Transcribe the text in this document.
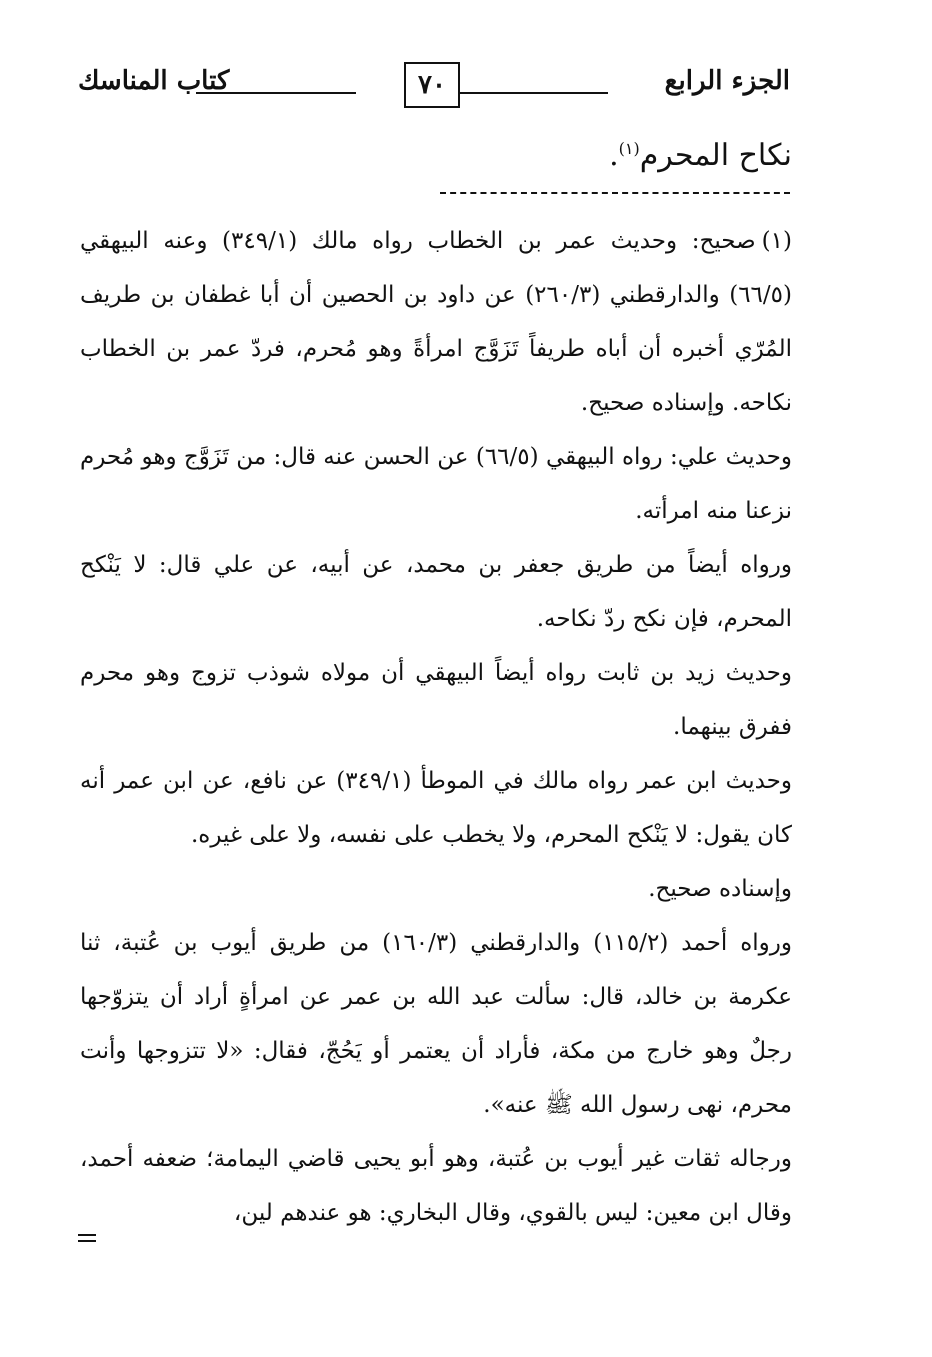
الجزء الرابع
٧٠
كتاب المناسك
نكاح المحرم$^{(١)}$.

(١)صحيح: وحديث عمر بن الخطاب رواه مالك (٣٤٩/١) وعنه البيهقي (٦٦/٥) والدارقطني (٢٦٠/٣) عن داود بن الحصين أن أبا غطفان بن طريف المُرّي أخبره أن أباه طريفاً تَزَوَّج امرأةً وهو مُحرم، فردّ عمر بن الخطاب نكاحه. وإسناده صحيح.

وحديث علي: رواه البيهقي (٦٦/٥) عن الحسن عنه قال: من تَزَوَّج وهو مُحرم نزعنا منه امرأته.

ورواه أيضاً من طريق جعفر بن محمد، عن أبيه، عن علي قال: لا يَنْكح المحرم، فإن نكح ردّ نكاحه.

وحديث زيد بن ثابت رواه أيضاً البيهقي أن مولاه شوذب تزوج وهو محرم ففرق بينهما.

وحديث ابن عمر رواه مالك في الموطأ (٣٤٩/١) عن نافع، عن ابن عمر أنه كان يقول: لا يَنْكح المحرم، ولا يخطب على نفسه، ولا على غيره.

وإسناده صحيح.

ورواه أحمد (١١٥/٢) والدارقطني (١٦٠/٣) من طريق أيوب بن عُتبة، ثنا عكرمة بن خالد، قال: سألت عبد الله بن عمر عن امرأةٍ أراد أن يتزوّجها رجلٌ وهو خارج من مكة، فأراد أن يعتمر أو يَحُجّ، فقال: «لا تتزوجها وأنت محرم، نهى رسول الله ﷺ عنه».

ورجاله ثقات غير أيوب بن عُتبة، وهو أبو يحيى قاضي اليمامة؛ ضعفه أحمد، وقال ابن معين: ليس بالقوي، وقال البخاري: هو عندهم لين،
